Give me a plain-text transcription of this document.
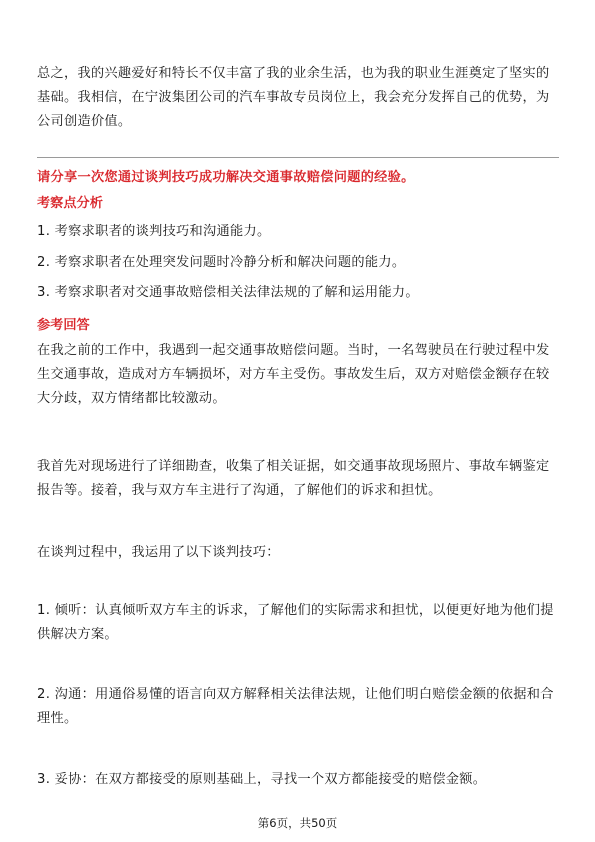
总之，我的兴趣爱好和特长不仅丰富了我的业余生活，也为我的职业生涯奠定了坚实的基础。我相信，在宁波集团公司的汽车事故专员岗位上，我会充分发挥自己的优势，为公司创造价值。

请分享一次您通过谈判技巧成功解决交通事故赔偿问题的经验。
考察点分析
1. 考察求职者的谈判技巧和沟通能力。
2. 考察求职者在处理突发问题时冷静分析和解决问题的能力。
3. 考察求职者对交通事故赔偿相关法律法规的了解和运用能力。
参考回答

在我之前的工作中，我遇到一起交通事故赔偿问题。当时，一名驾驶员在行驶过程中发生交通事故，造成对方车辆损坏，对方车主受伤。事故发生后，双方对赔偿金额存在较大分歧，双方情绪都比较激动。

我首先对现场进行了详细勘查，收集了相关证据，如交通事故现场照片、事故车辆鉴定报告等。接着，我与双方车主进行了沟通，了解他们的诉求和担忧。

在谈判过程中，我运用了以下谈判技巧：

1. 倾听：认真倾听双方车主的诉求，了解他们的实际需求和担忧，以便更好地为他们提供解决方案。

2. 沟通：用通俗易懂的语言向双方解释相关法律法规，让他们明白赔偿金额的依据和合理性。

3. 妥协：在双方都接受的原则基础上，寻找一个双方都能接受的赔偿金额。

第6页，共50页
